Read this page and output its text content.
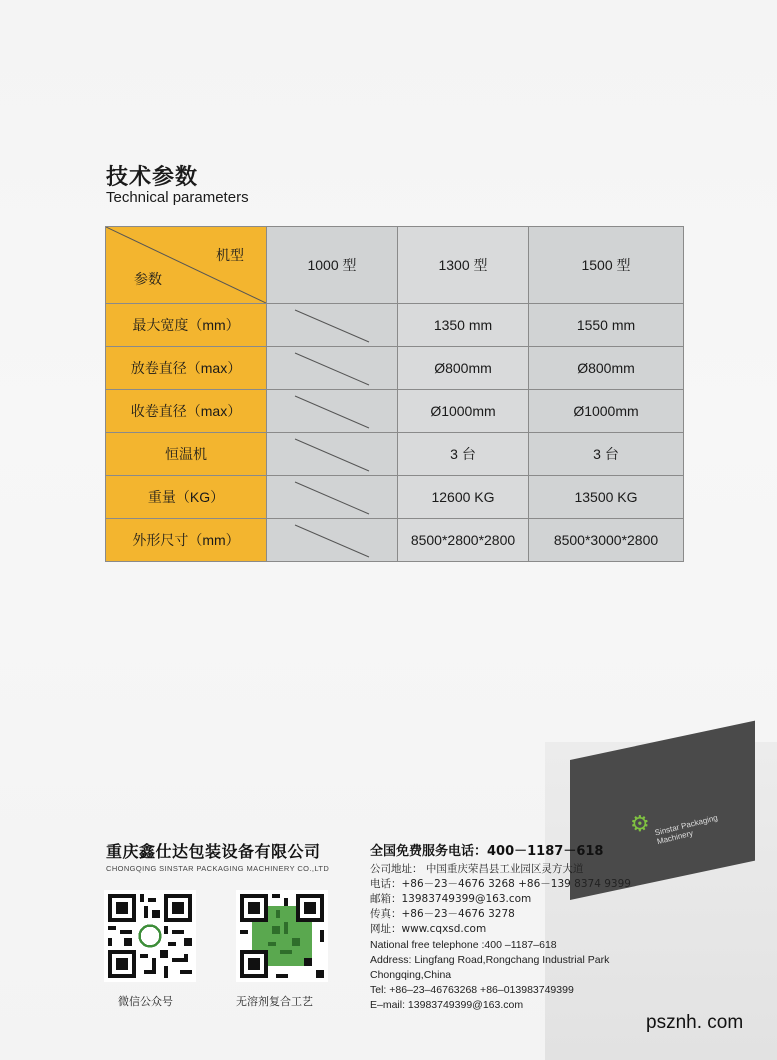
技术参数
Technical parameters
机型
参数	1000 型	1300 型	1500 型
最大宽度（mm）		1350 mm	1550 mm
放卷直径（max）		Ø800mm	Ø800mm
收卷直径（max）		Ø1000mm	Ø1000mm
恒温机		3 台	3 台
重量（KG）		12600 KG	13500 KG
外形尺寸（mm）		8500*2800*2800	8500*3000*2800
⚙ Sinstar Packaging Machinery
重庆鑫仕达包装设备有限公司
CHONGQING SINSTAR PACKAGING MACHINERY CO.,LTD
全国免费服务电话：400－1187－618
公司地址： 中国重庆荣昌县工业园区灵方大道
电话：+86－23－4676 3268 +86－139 8374 9399
邮箱：13983749399@163.com
传真：+86－23－4676 3278
网址：www.cqxsd.com
National free telephone :400 –1187–618
Address: Lingfang Road,Rongchang Industrial Park
Chongqing,China
Tel: +86–23–46763268 +86–013983749399
E–mail: 13983749399@163.com
微信公众号	无溶剂复合工艺
psznh. com
